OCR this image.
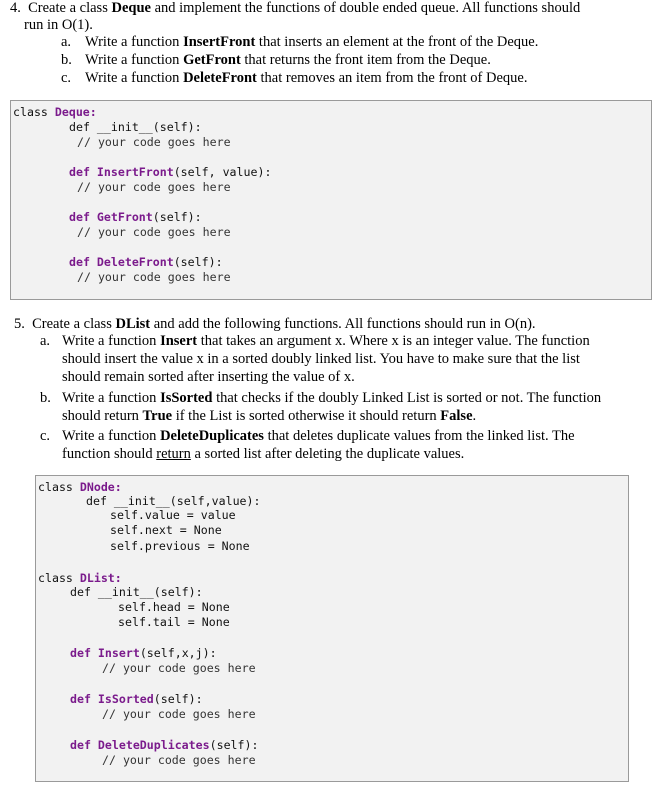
4. Create a class Deque and implement the functions of double ended queue. All functions should
run in O(1).
a. Write a function InsertFront that inserts an element at the front of the Deque.
b. Write a function GetFront that returns the front item from the Deque.
c. Write a function DeleteFront that removes an item from the front of Deque.
class Deque:
def __init__(self):
// your code goes here
def InsertFront(self, value):
// your code goes here
def GetFront(self):
// your code goes here
def DeleteFront(self):
// your code goes here
5. Create a class DList and add the following functions. All functions should run in O(n).
a. Write a function Insert that takes an argument x. Where x is an integer value. The function
should insert the value x in a sorted doubly linked list. You have to make sure that the list
should remain sorted after inserting the value of x.
b. Write a function IsSorted that checks if the doubly Linked List is sorted or not. The function
should return True if the List is sorted otherwise it should return False.
c. Write a function DeleteDuplicates that deletes duplicate values from the linked list. The
function should return a sorted list after deleting the duplicate values.
class DNode:
def __init__(self,value):
self.value = value
self.next = None
self.previous = None
class DList:
def __init__(self):
self.head = None
self.tail = None
def Insert(self,x,j):
// your code goes here
def IsSorted(self):
// your code goes here
def DeleteDuplicates(self):
// your code goes here
